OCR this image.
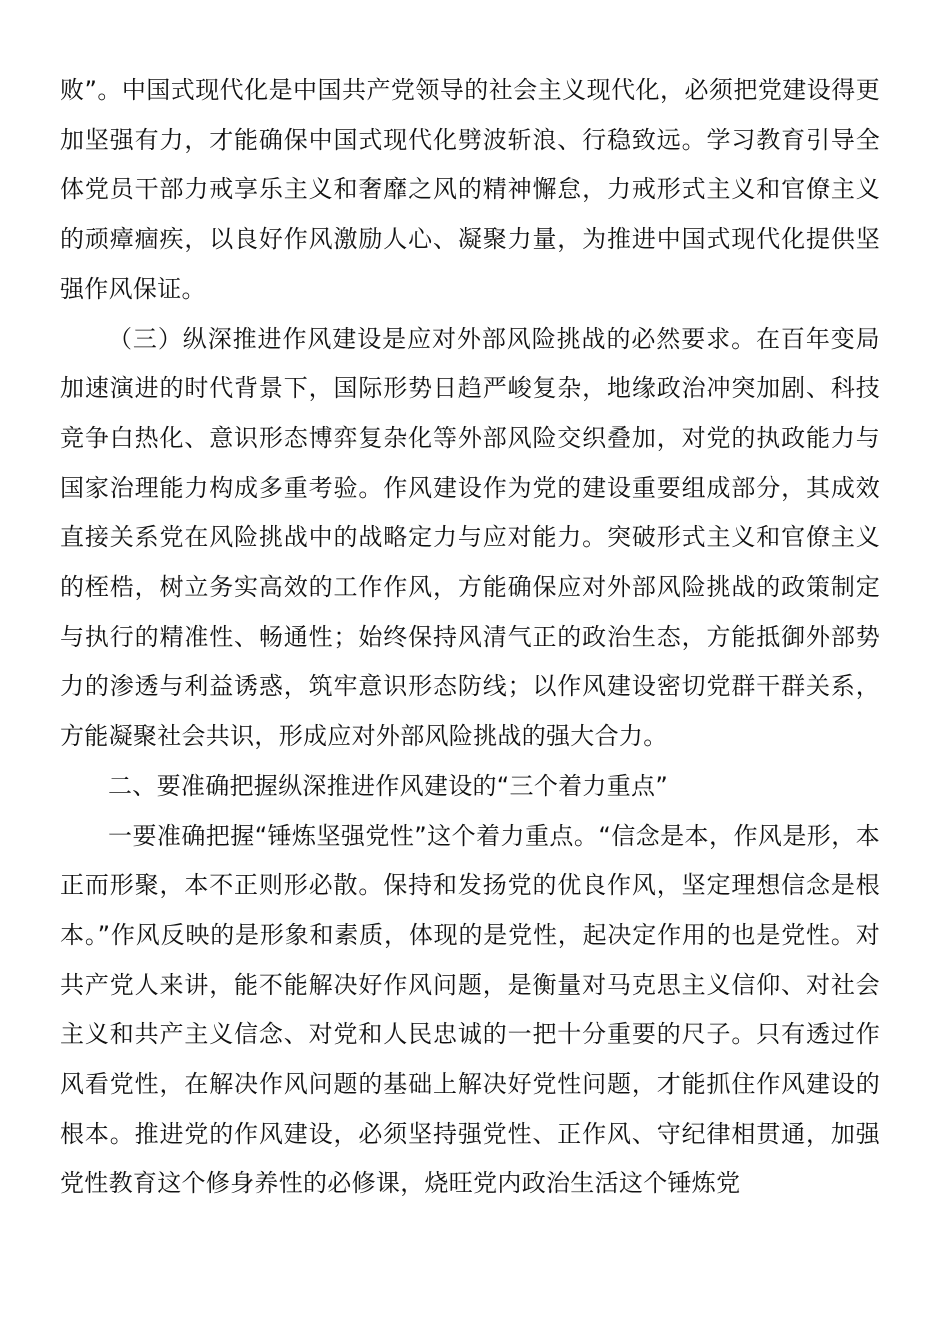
败”。中国式现代化是中国共产党领导的社会主义现代化，必须把党建设得更加坚强有力，才能确保中国式现代化劈波斩浪、行稳致远。学习教育引导全体党员干部力戒享乐主义和奢靡之风的精神懈怠，力戒形式主义和官僚主义的顽瘴痼疾，以良好作风激励人心、凝聚力量，为推进中国式现代化提供坚强作风保证。

（三）纵深推进作风建设是应对外部风险挑战的必然要求。在百年变局加速演进的时代背景下，国际形势日趋严峻复杂，地缘政治冲突加剧、科技竞争白热化、意识形态博弈复杂化等外部风险交织叠加，对党的执政能力与国家治理能力构成多重考验。作风建设作为党的建设重要组成部分，其成效直接关系党在风险挑战中的战略定力与应对能力。突破形式主义和官僚主义的桎梏，树立务实高效的工作作风，方能确保应对外部风险挑战的政策制定与执行的精准性、畅通性；始终保持风清气正的政治生态，方能抵御外部势力的渗透与利益诱惑，筑牢意识形态防线；以作风建设密切党群干群关系，方能凝聚社会共识，形成应对外部风险挑战的强大合力。

二、要准确把握纵深推进作风建设的“三个着力重点”

一要准确把握“锤炼坚强党性”这个着力重点。“信念是本，作风是形，本正而形聚，本不正则形必散。保持和发扬党的优良作风，坚定理想信念是根本。”作风反映的是形象和素质，体现的是党性，起决定作用的也是党性。对共产党人来讲，能不能解决好作风问题，是衡量对马克思主义信仰、对社会主义和共产主义信念、对党和人民忠诚的一把十分重要的尺子。只有透过作风看党性，在解决作风问题的基础上解决好党性问题，才能抓住作风建设的根本。推进党的作风建设，必须坚持强党性、正作风、守纪律相贯通，加强党性教育这个修身养性的必修课，烧旺党内政治生活这个锤炼党
